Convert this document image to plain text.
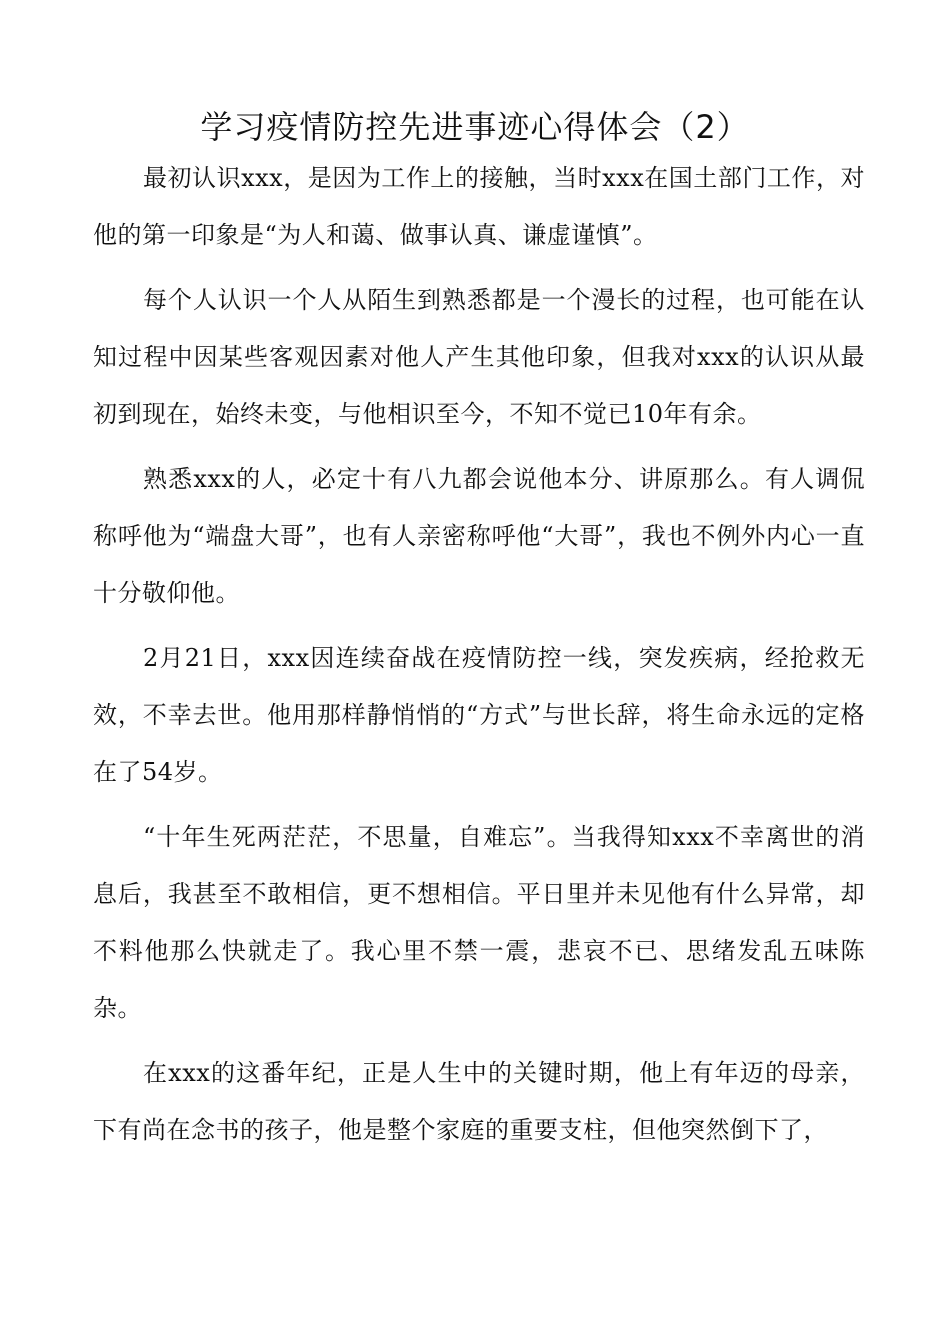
学习疫情防控先进事迹心得体会（2）

最初认识xxx，是因为工作上的接触，当时xxx在国土部门工作，对他的第一印象是“为人和蔼、做事认真、谦虚谨慎”。

每个人认识一个人从陌生到熟悉都是一个漫长的过程，也可能在认知过程中因某些客观因素对他人产生其他印象，但我对xxx的认识从最初到现在，始终未变，与他相识至今，不知不觉已10年有余。

熟悉xxx的人，必定十有八九都会说他本分、讲原那么。有人调侃称呼他为“端盘大哥”，也有人亲密称呼他“大哥”，我也不例外内心一直十分敬仰他。

2月21日，xxx因连续奋战在疫情防控一线，突发疾病，经抢救无效，不幸去世。他用那样静悄悄的“方式”与世长辞，将生命永远的定格在了54岁。

“十年生死两茫茫，不思量，自难忘”。当我得知xxx不幸离世的消息后，我甚至不敢相信，更不想相信。平日里并未见他有什么异常，却不料他那么快就走了。我心里不禁一震，悲哀不已、思绪发乱五味陈杂。

在xxx的这番年纪，正是人生中的关键时期，他上有年迈的母亲，下有尚在念书的孩子，他是整个家庭的重要支柱，但他突然倒下了，
